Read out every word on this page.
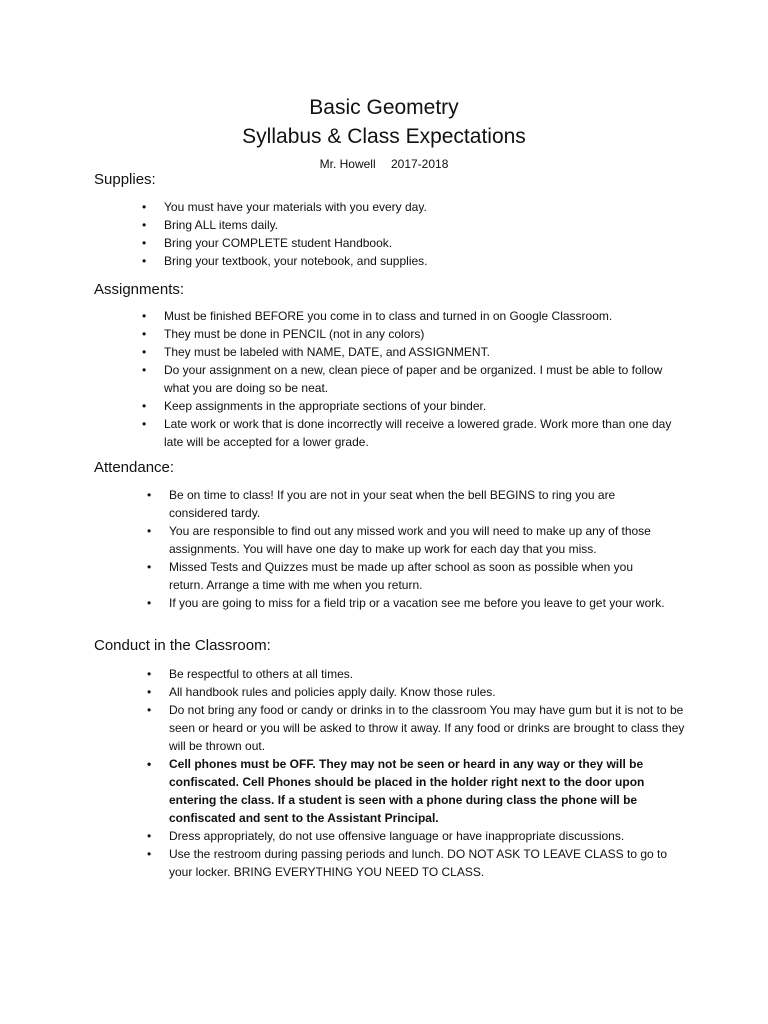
Basic Geometry
Syllabus & Class Expectations
Mr. Howell 2017-2018
Supplies:
• You must have your materials with you every day.
• Bring ALL items daily.
• Bring your COMPLETE student Handbook.
• Bring your textbook, your notebook, and supplies.
Assignments:
• Must be finished BEFORE you come in to class and turned in on Google Classroom.
• They must be done in PENCIL (not in any colors)
• They must be labeled with NAME, DATE, and ASSIGNMENT.
• Do your assignment on a new, clean piece of paper and be organized. I must be able to follow what you are doing so be neat.
• Keep assignments in the appropriate sections of your binder.
• Late work or work that is done incorrectly will receive a lowered grade. Work more than one day late will be accepted for a lower grade.
Attendance:
• Be on time to class! If you are not in your seat when the bell BEGINS to ring you are considered tardy.
• You are responsible to find out any missed work and you will need to make up any of those assignments. You will have one day to make up work for each day that you miss.
• Missed Tests and Quizzes must be made up after school as soon as possible when you return. Arrange a time with me when you return.
• If you are going to miss for a field trip or a vacation see me before you leave to get your work.
Conduct in the Classroom:
• Be respectful to others at all times.
• All handbook rules and policies apply daily. Know those rules.
• Do not bring any food or candy or drinks in to the classroom You may have gum but it is not to be seen or heard or you will be asked to throw it away. If any food or drinks are brought to class they will be thrown out.
• Cell phones must be OFF. They may not be seen or heard in any way or they will be confiscated. Cell Phones should be placed in the holder right next to the door upon entering the class. If a student is seen with a phone during class the phone will be confiscated and sent to the Assistant Principal.
• Dress appropriately, do not use offensive language or have inappropriate discussions.
• Use the restroom during passing periods and lunch. DO NOT ASK TO LEAVE CLASS to go to your locker. BRING EVERYTHING YOU NEED TO CLASS.
